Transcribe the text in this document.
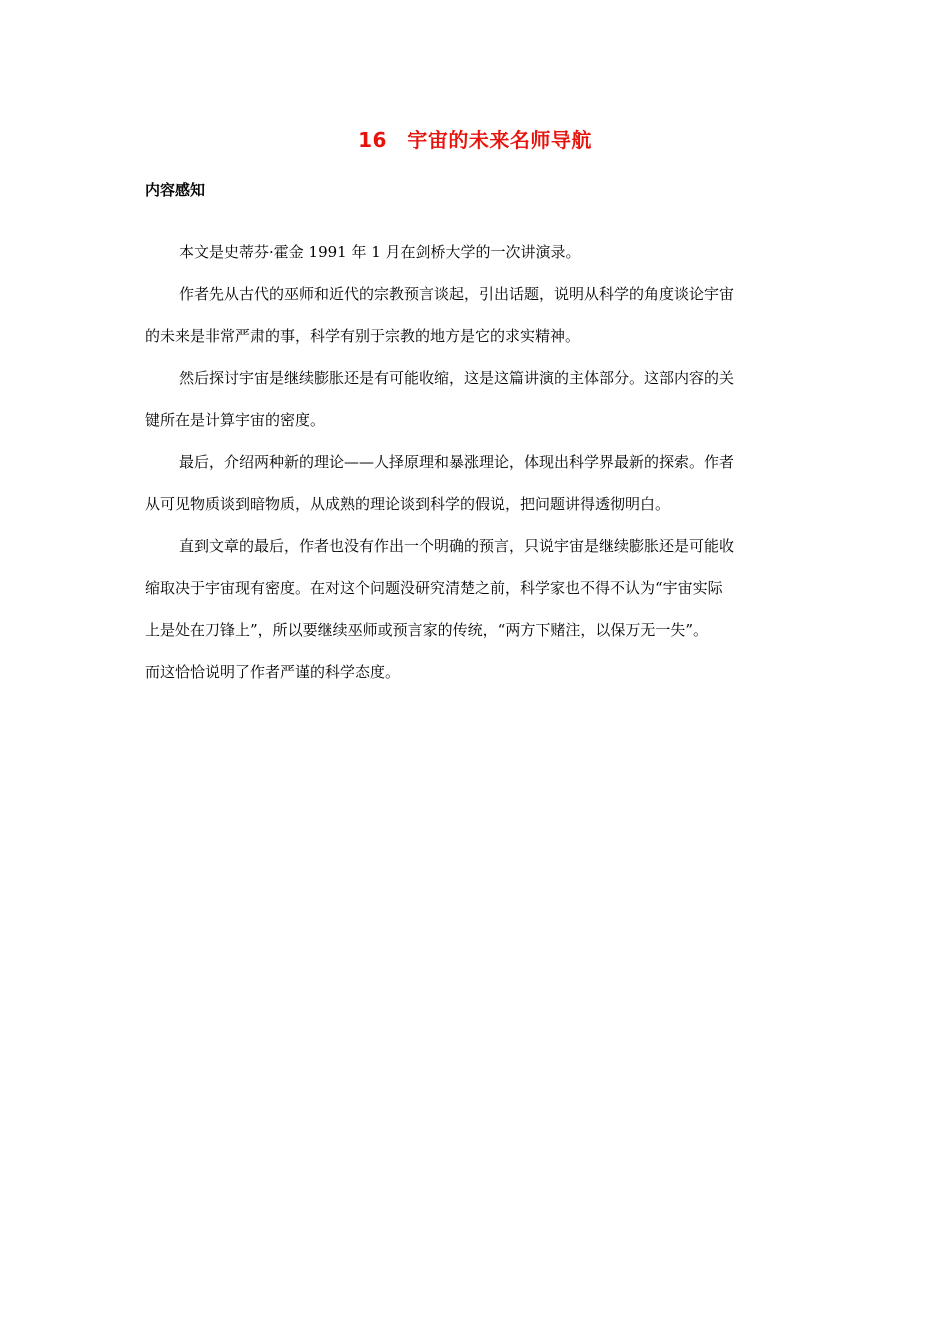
16　宇宙的未来名师导航
内容感知

本文是史蒂芬·霍金 1991 年 1 月在剑桥大学的一次讲演录。

作者先从古代的巫师和近代的宗教预言谈起，引出话题，说明从科学的角度谈论宇宙
的未来是非常严肃的事，科学有别于宗教的地方是它的求实精神。

然后探讨宇宙是继续膨胀还是有可能收缩，这是这篇讲演的主体部分。这部内容的关
键所在是计算宇宙的密度。

最后，介绍两种新的理论——人择原理和暴涨理论，体现出科学界最新的探索。作者
从可见物质谈到暗物质，从成熟的理论谈到科学的假说，把问题讲得透彻明白。

直到文章的最后，作者也没有作出一个明确的预言，只说宇宙是继续膨胀还是可能收
缩取决于宇宙现有密度。在对这个问题没研究清楚之前，科学家也不得不认为“宇宙实际
上是处在刀锋上”，所以要继续巫师或预言家的传统，“两方下赌注，以保万无一失”。
而这恰恰说明了作者严谨的科学态度。
